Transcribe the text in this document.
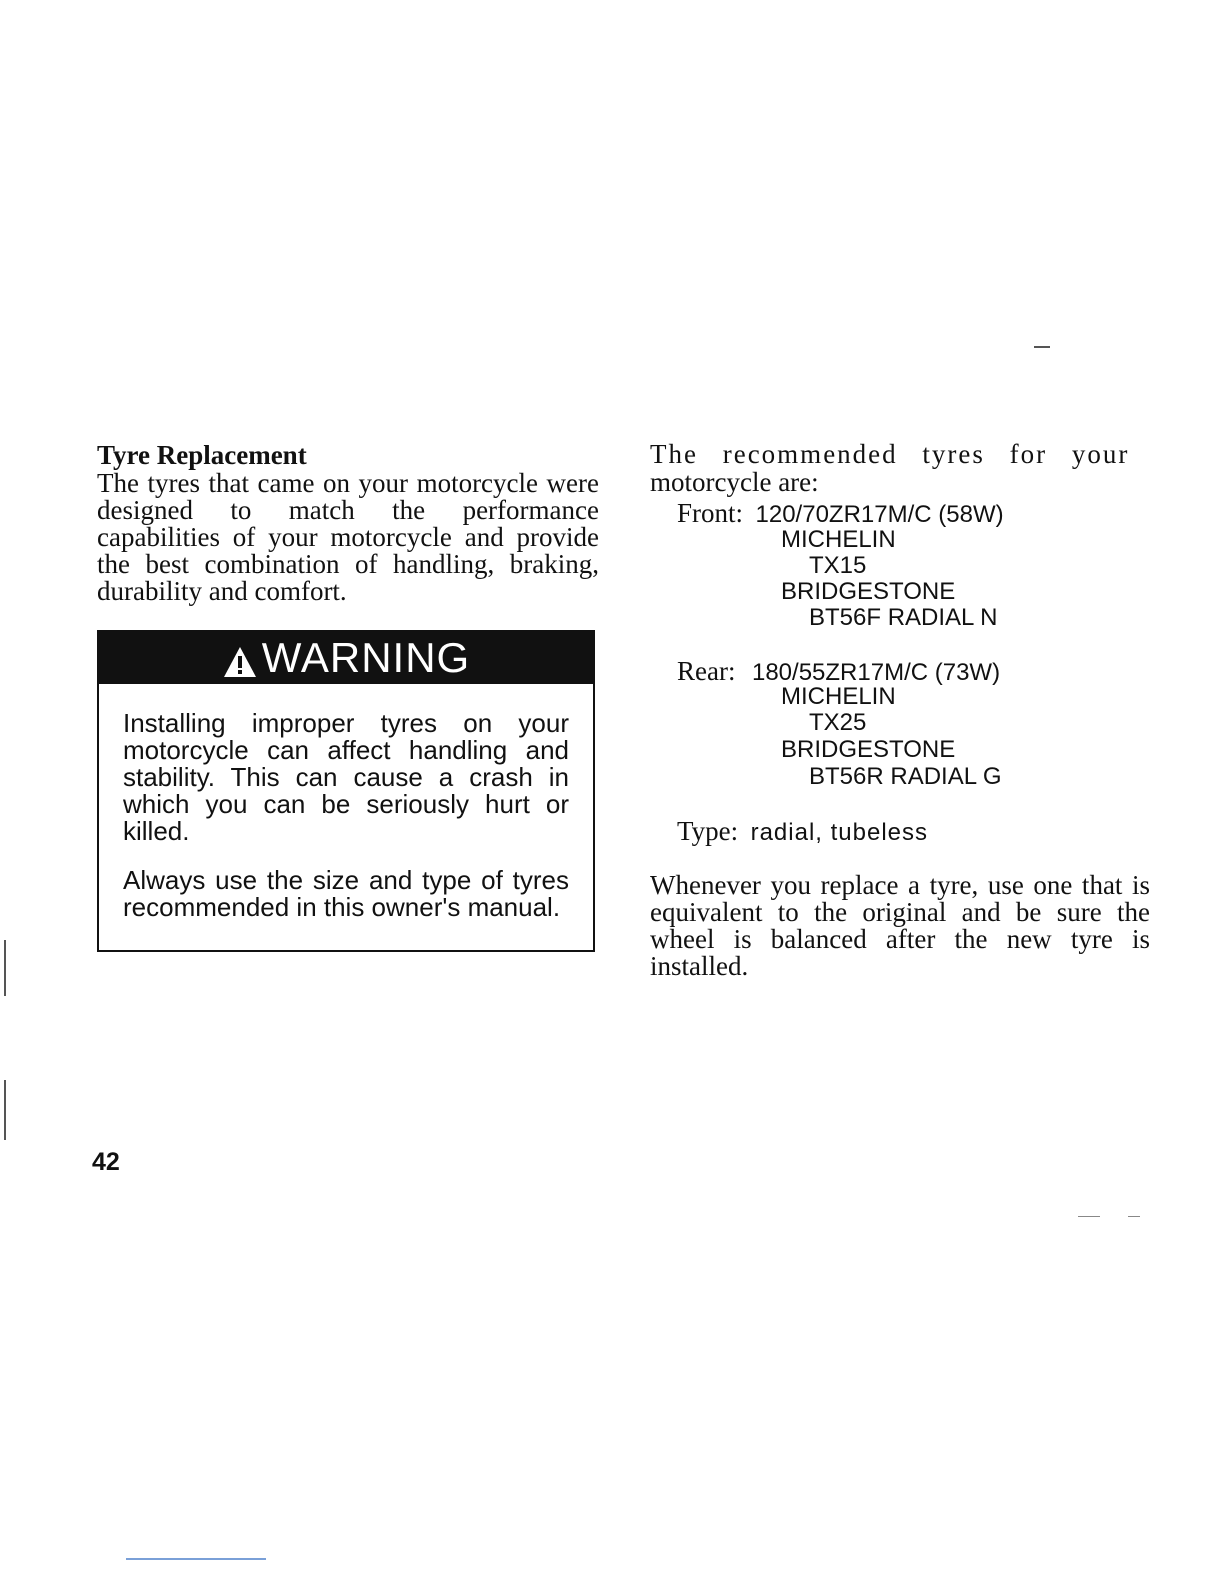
Tyre Replacement

The tyres that came on your motorcycle were designed to match the performance capabilities of your motorcycle and provide the best combination of handling, braking, durability and comfort.

WARNING

Installing improper tyres on your motorcycle can affect handling and stability. This can cause a crash in which you can be seriously hurt or killed.

Always use the size and type of tyres recommended in this owner's manual.

The recommended tyres for your
motorcycle are:

Front: 120/70ZR17M/C (58W)
MICHELIN
TX15
BRIDGESTONE
BT56F RADIAL N
Rear: 180/55ZR17M/C (73W)
MICHELIN
TX25
BRIDGESTONE
BT56R RADIAL G
Type: radial, tubeless

Whenever you replace a tyre, use one that is equivalent to the original and be sure the wheel is balanced after the new tyre is installed.

42
